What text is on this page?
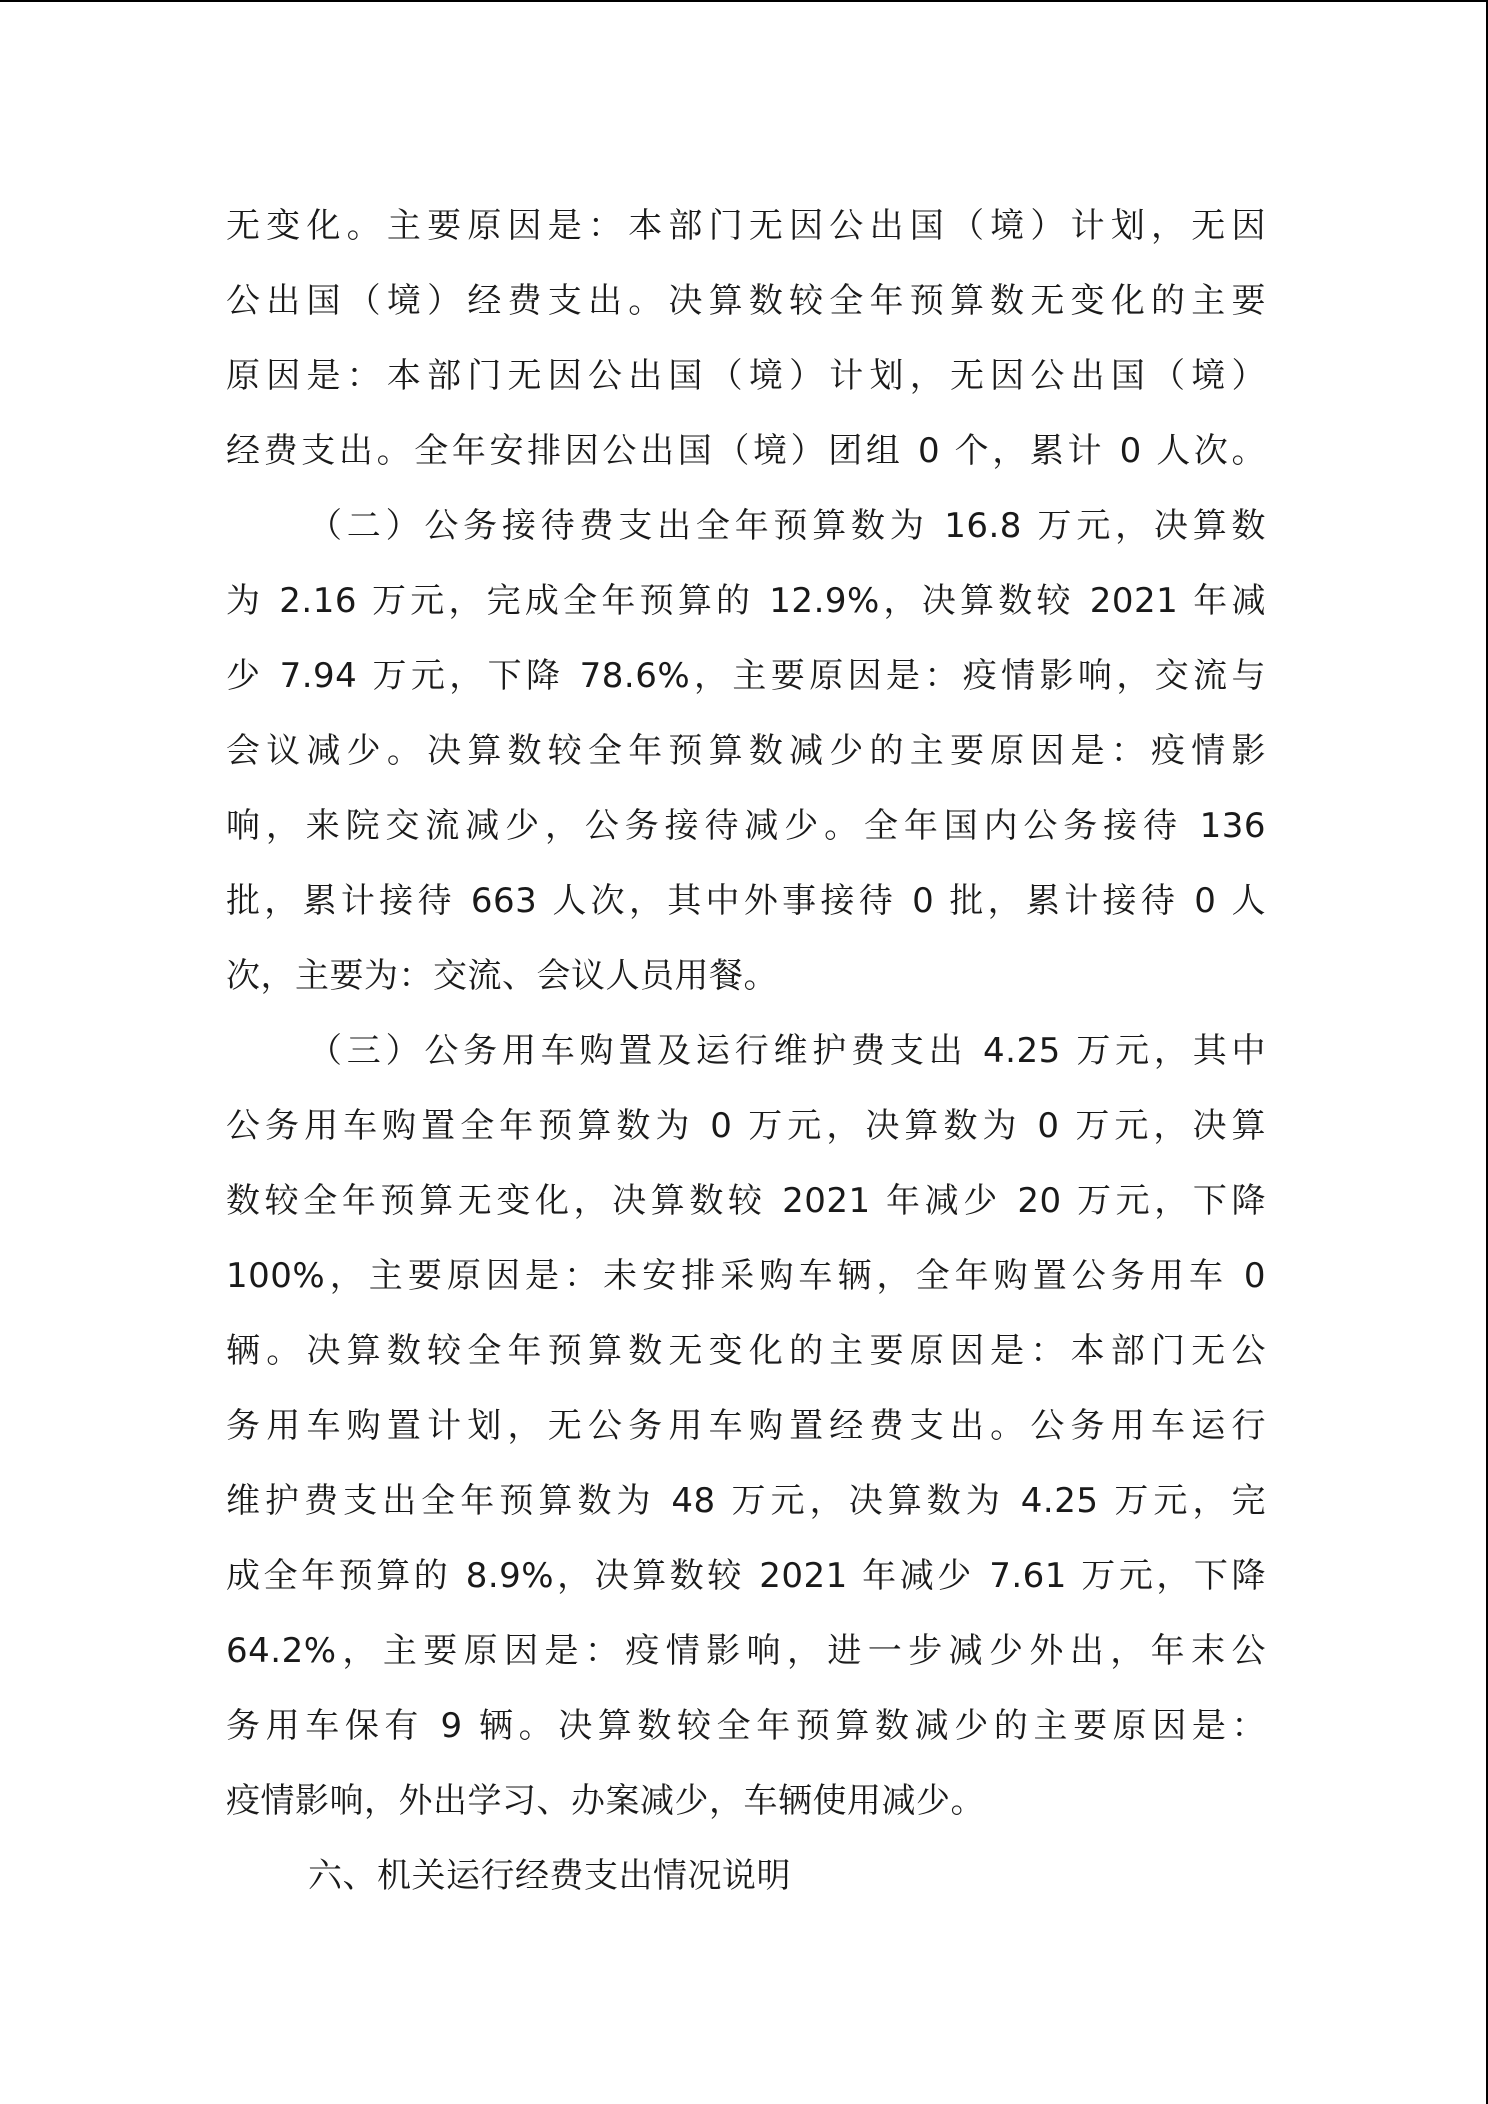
无变化。主要原因是：本部门无因公出国（境）计划，无因
公出国（境）经费支出。决算数较全年预算数无变化的主要
原因是：本部门无因公出国（境）计划，无因公出国（境）
经费支出。全年安排因公出国（境）团组 0 个，累计 0 人次。
（二）公务接待费支出全年预算数为 16.8 万元，决算数
为 2.16 万元，完成全年预算的 12.9%，决算数较 2021 年减
少 7.94 万元，下降 78.6%，主要原因是：疫情影响，交流与
会议减少。决算数较全年预算数减少的主要原因是：疫情影
响，来院交流减少，公务接待减少。全年国内公务接待 136
批，累计接待 663 人次，其中外事接待 0 批，累计接待 0 人
次，主要为：交流、会议人员用餐。
（三）公务用车购置及运行维护费支出 4.25 万元，其中
公务用车购置全年预算数为 0 万元，决算数为 0 万元，决算
数较全年预算无变化，决算数较 2021 年减少 20 万元，下降
100%，主要原因是：未安排采购车辆，全年购置公务用车 0
辆。决算数较全年预算数无变化的主要原因是：本部门无公
务用车购置计划，无公务用车购置经费支出。公务用车运行
维护费支出全年预算数为 48 万元，决算数为 4.25 万元，完
成全年预算的 8.9%，决算数较 2021 年减少 7.61 万元，下降
64.2%，主要原因是：疫情影响，进一步减少外出，年末公
务用车保有 9 辆。决算数较全年预算数减少的主要原因是：
疫情影响，外出学习、办案减少，车辆使用减少。
六、机关运行经费支出情况说明
